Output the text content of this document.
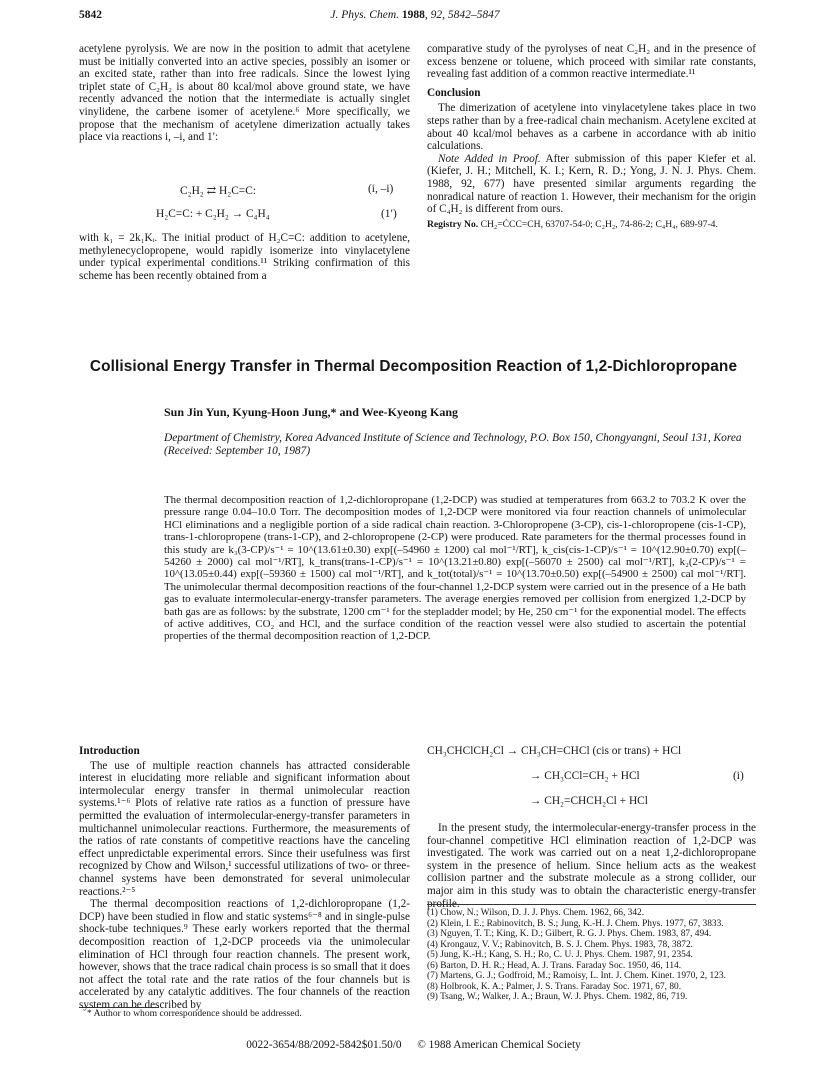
5842	J. Phys. Chem. 1988, 92, 5842–5847

acetylene pyrolysis. We are now in the position to admit that acetylene must be initially converted into an active species, possibly an isomer or an excited state, rather than into free radicals. Since the lowest lying triplet state of C₂H₂ is about 80 kcal/mol above ground state, we have recently advanced the notion that the intermediate is actually singlet vinylidene, the carbene isomer of acetylene.⁶ More specifically, we propose that the mechanism of acetylene dimerization actually takes place via reactions i, –i, and 1′:

C₂H₂ ⇄ H₂C=C:	(i, –i)
H₂C=C: + C₂H₂ → C₄H₄	(1′)

with k₁ = 2k₁Kᵢ. The initial product of H₂C=C: addition to acetylene, methylenecyclopropene, would rapidly isomerize into vinylacetylene under typical experimental conditions.¹¹ Striking confirmation of this scheme has been recently obtained from a

comparative study of the pyrolyses of neat C₂H₂ and in the presence of excess benzene or toluene, which proceed with similar rate constants, revealing fast addition of a common reactive intermediate.¹¹

Conclusion

The dimerization of acetylene into vinylacetylene takes place in two steps rather than by a free-radical chain mechanism. Acetylene excited at about 40 kcal/mol behaves as a carbene in accordance with ab initio calculations.

Note Added in Proof. After submission of this paper Kiefer et al. (Kiefer, J. H.; Mitchell, K. I.; Kern, R. D.; Yong, J. N. J. Phys. Chem. 1988, 92, 677) have presented similar arguments regarding the nonradical nature of reaction 1. However, their mechanism for the origin of C₄H₂ is different from ours.

Registry No. CH₂=ĊCC=CH, 63707-54-0; C₂H₂, 74-86-2; C₄H₄, 689-97-4.

Collisional Energy Transfer in Thermal Decomposition Reaction of 1,2-Dichloropropane
Sun Jin Yun, Kyung-Hoon Jung,* and Wee-Kyeong Kang
Department of Chemistry, Korea Advanced Institute of Science and Technology, P.O. Box 150, Chongyangni, Seoul 131, Korea (Received: September 10, 1987)

The thermal decomposition reaction of 1,2-dichloropropane (1,2-DCP) was studied at temperatures from 663.2 to 703.2 K over the pressure range 0.04–10.0 Torr. The decomposition modes of 1,2-DCP were monitored via four reaction channels of unimolecular HCl eliminations and a negligible portion of a side radical chain reaction. 3-Chloropropene (3-CP), cis-1-chloropropene (cis-1-CP), trans-1-chloropropene (trans-1-CP), and 2-chloropropene (2-CP) were produced. Rate parameters for the thermal processes found in this study are k₃(3-CP)/s⁻¹ = 10^(13.61±0.30) exp[(–54960 ± 1200) cal mol⁻¹/RT], k_cis(cis-1-CP)/s⁻¹ = 10^(12.90±0.70) exp[(–54260 ± 2000) cal mol⁻¹/RT], k_trans(trans-1-CP)/s⁻¹ = 10^(13.21±0.80) exp[(–56070 ± 2500) cal mol⁻¹/RT], k₂(2-CP)/s⁻¹ = 10^(13.05±0.44) exp[(–59360 ± 1500) cal mol⁻¹/RT], and k_tot(total)/s⁻¹ = 10^(13.70±0.50) exp[(–54900 ± 2500) cal mol⁻¹/RT]. The unimolecular thermal decomposition reactions of the four-channel 1,2-DCP system were carried out in the presence of a He bath gas to evaluate intermolecular-energy-transfer parameters. The average energies removed per collision from energized 1,2-DCP by bath gas are as follows: by the substrate, 1200 cm⁻¹ for the stepladder model; by He, 250 cm⁻¹ for the exponential model. The effects of active additives, CO₂ and HCl, and the surface condition of the reaction vessel were also studied to ascertain the potential properties of the thermal decomposition reaction of 1,2-DCP.

Introduction

The use of multiple reaction channels has attracted considerable interest in elucidating more reliable and significant information about intermolecular energy transfer in thermal unimolecular reaction systems.¹⁻⁶ Plots of relative rate ratios as a function of pressure have permitted the evaluation of intermolecular-energy-transfer parameters in multichannel unimolecular reactions. Furthermore, the measurements of the ratios of rate constants of competitive reactions have the canceling effect unpredictable experimental errors. Since their usefulness was first recognized by Chow and Wilson,¹ successful utilizations of two- or three-channel systems have been demonstrated for several unimolecular reactions.²⁻⁵

The thermal decomposition reactions of 1,2-dichloropropane (1,2-DCP) have been studied in flow and static systems⁶⁻⁸ and in single-pulse shock-tube techniques.⁹ These early workers reported that the thermal decomposition reaction of 1,2-DCP proceeds via the unimolecular elimination of HCl through four reaction channels. The present work, however, shows that the trace radical chain process is so small that it does not affect the total rate and the rate ratios of the four channels but is accelerated by any catalytic additives. The four channels of the reaction system can be described by

* Author to whom correspondence should be addressed.
CH₃CHClCH₂Cl → CH₃CH=CHCl (cis or trans) + HCl
→ CH₃CCl=CH₂ + HCl	(i)
→ CH₂=CHCH₂Cl + HCl

In the present study, the intermolecular-energy-transfer process in the four-channel competitive HCl elimination reaction of 1,2-DCP was investigated. The work was carried out on a neat 1,2-dichloropropane system in the presence of helium. Since helium acts as the weakest collision partner and the substrate molecule as a strong collider, our major aim in this study was to obtain the characteristic energy-transfer profile.

(1) Chow, N.; Wilson, D. J. J. Phys. Chem. 1962, 66, 342.
(2) Klein, I. E.; Rabinovitch, B. S.; Jung, K.-H. J. Chem. Phys. 1977, 67, 3833.
(3) Nguyen, T. T.; King, K. D.; Gilbert, R. G. J. Phys. Chem. 1983, 87, 494.
(4) Krongauz, V. V.; Rabinovitch, B. S. J. Chem. Phys. 1983, 78, 3872.
(5) Jung, K.-H.; Kang, S. H.; Ro, C. U. J. Phys. Chem. 1987, 91, 2354.
(6) Barton, D. H. R.; Head, A. J. Trans. Faraday Soc. 1950, 46, 114.
(7) Martens, G. J.; Godfroid, M.; Ramoisy, L. Int. J. Chem. Kinet. 1970, 2, 123.
(8) Holbrook, K. A.; Palmer, J. S. Trans. Faraday Soc. 1971, 67, 80.
(9) Tsang, W.; Walker, J. A.; Braun, W. J. Phys. Chem. 1982, 86, 719.
0022-3654/88/2092-5842$01.50/0 © 1988 American Chemical Society
